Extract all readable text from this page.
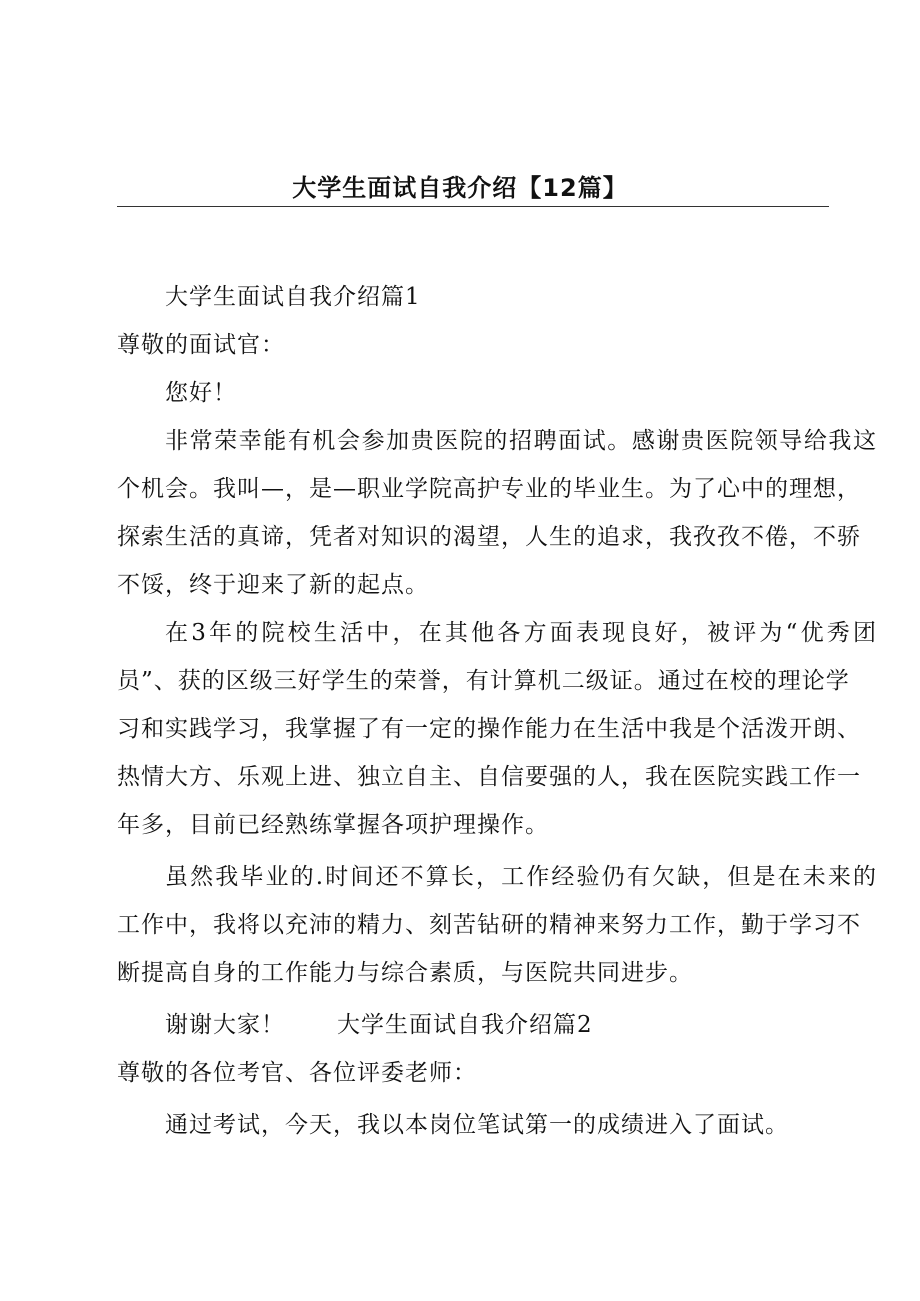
大学生面试自我介绍【12篇】
大学生面试自我介绍篇1
尊敬的面试官：
您好！
非常荣幸能有机会参加贵医院的招聘面试。感谢贵医院领导给我这
个机会。我叫—，是—职业学院高护专业的毕业生。为了心中的理想，
探索生活的真谛，凭者对知识的渴望，人生的追求，我孜孜不倦，不骄
不馁，终于迎来了新的起点。
在3年的院校生活中，在其他各方面表现良好，被评为“优秀团
员”、获的区级三好学生的荣誉，有计算机二级证。通过在校的理论学
习和实践学习，我掌握了有一定的操作能力在生活中我是个活泼开朗、
热情大方、乐观上进、独立自主、自信要强的人，我在医院实践工作一
年多，目前已经熟练掌握各项护理操作。
虽然我毕业的.时间还不算长，工作经验仍有欠缺，但是在未来的
工作中，我将以充沛的精力、刻苦钻研的精神来努力工作，勤于学习不
断提高自身的工作能力与综合素质，与医院共同进步。
谢谢大家！ 大学生面试自我介绍篇2
尊敬的各位考官、各位评委老师：
通过考试，今天，我以本岗位笔试第一的成绩进入了面试。
